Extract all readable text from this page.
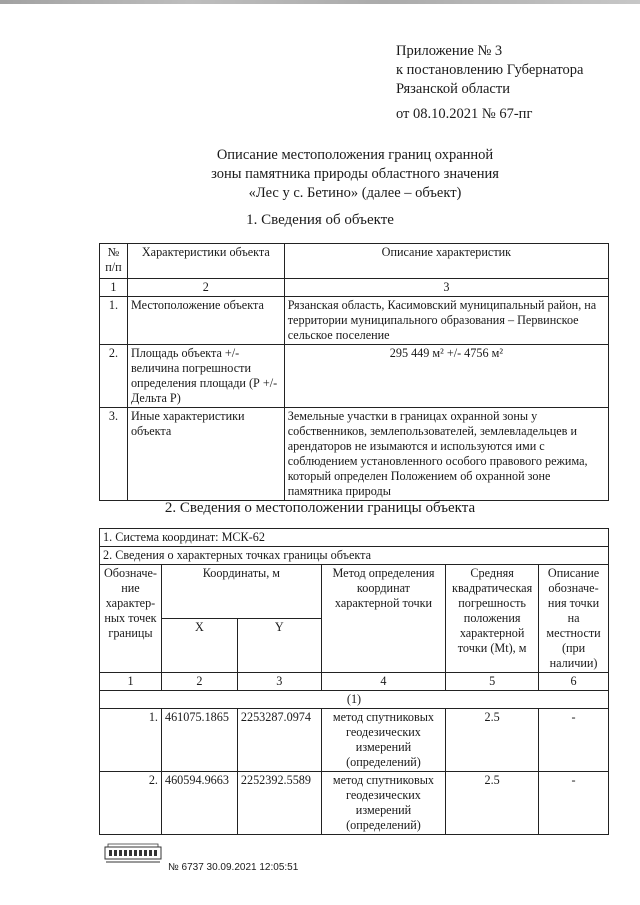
Приложение № 3
к постановлению Губернатора
Рязанской области
от 08.10.2021 № 67-пг
Описание местоположения границ охранной
зоны памятника природы областного значения
«Лес у с. Бетино» (далее – объект)
1. Сведения об объекте
№ п/п	Характеристики объекта	Описание характеристик
1	2	3
1.	Местоположение объекта	Рязанская область, Касимовский муниципальный район, на территории муниципального образования – Первинское сельское поселение
2.	Площадь объекта +/- величина погрешности определения площади (Р +/- Дельта Р)	295 449 м² +/- 4756 м²
3.	Иные характеристики объекта	Земельные участки в границах охранной зоны у собственников, землепользователей, землевладельцев и арендаторов не изымаются и используются ими с соблюдением установленного особого правового режима, который определен Положением об охранной зоне памятника природы
2. Сведения о местоположении границы объекта
1. Система координат: МСК-62					
2. Сведения о характерных точках границы объекта					
Обозначе-ние характер-ных точек границы	Координаты, м		Метод определения координат характерной точки	Средняя квадратическая погрешность положения характерной точки (Mt), м	Описание обозначе-ния точки на местности (при наличии)
	X	Y			
1	2	3	4	5	6
(1)					
1.	461075.1865	2253287.0974	метод спутниковых геодезических измерений (определений)	2.5	-
2.	460594.9663	2252392.5589	метод спутниковых геодезических измерений (определений)	2.5	-
№ 6737 30.09.2021 12:05:51
